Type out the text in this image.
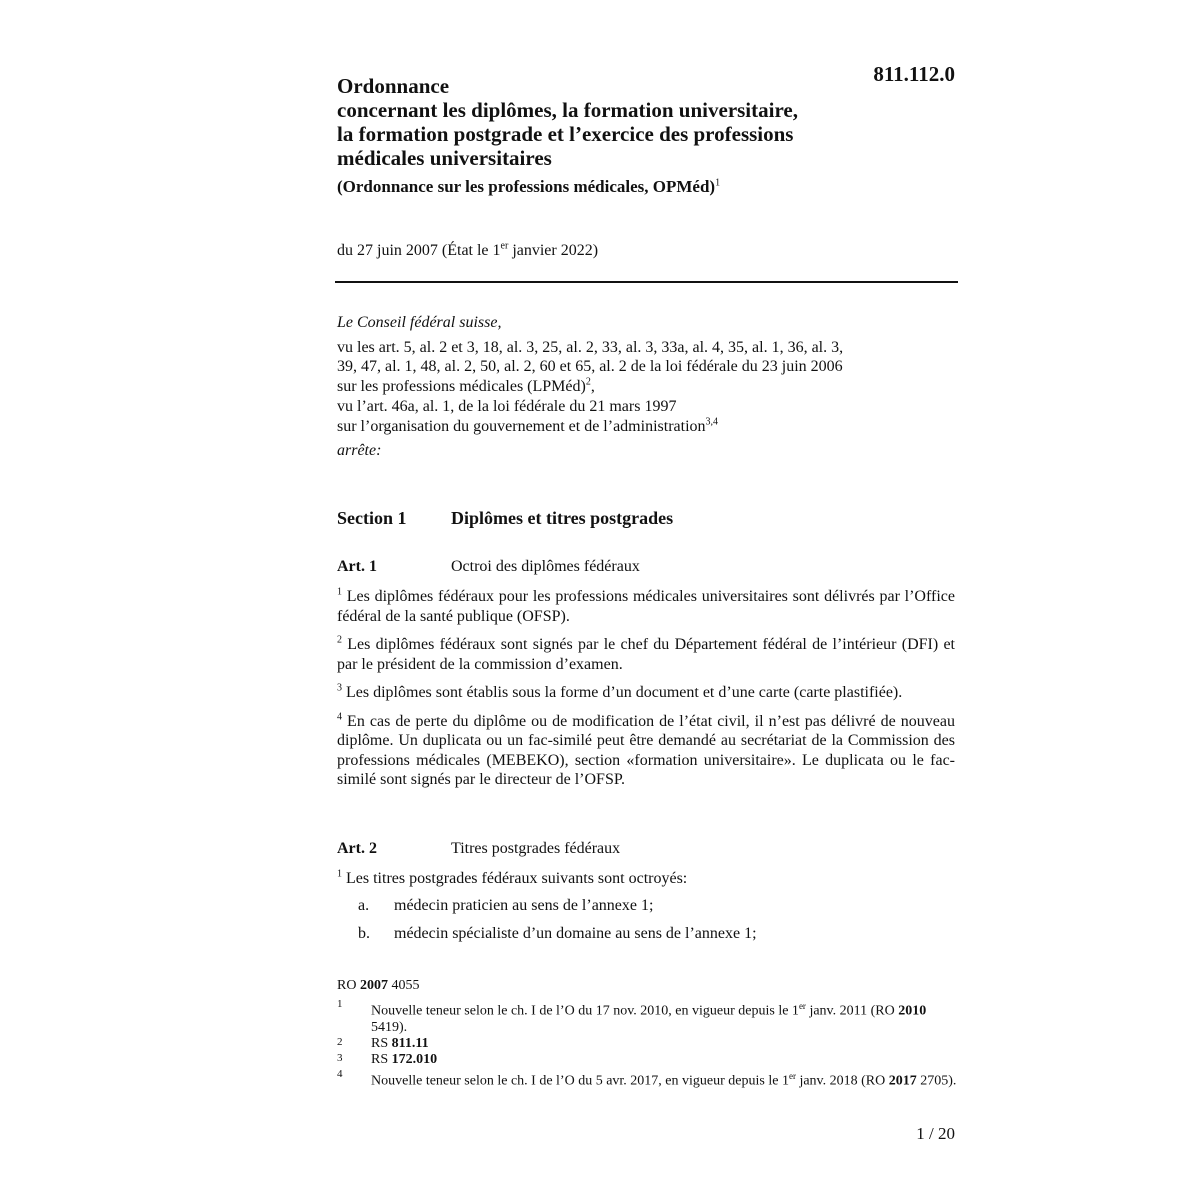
811.112.0
Ordonnance
concernant les diplômes, la formation universitaire,
la formation postgrade et l’exercice des professions
médicales universitaires
(Ordonnance sur les professions médicales, OPMéd)$^1$
du 27 juin 2007 (État le 1er janvier 2022)
Le Conseil fédéral suisse,
vu les art. 5, al. 2 et 3, 18, al. 3, 25, al. 2, 33, al. 3, 33a, al. 4, 35, al. 1, 36, al. 3,
39, 47, al. 1, 48, al. 2, 50, al. 2, 60 et 65, al. 2 de la loi fédérale du 23 juin 2006
sur les professions médicales (LPMéd)$^2$,
vu l’art. 46a, al. 1, de la loi fédérale du 21 mars 1997
sur l’organisation du gouvernement et de l’administration$^{3,4}$
arrête:
Section 1 Diplômes et titres postgrades
Art. 1	Octroi des diplômes fédéraux
$^1$ Les diplômes fédéraux pour les professions médicales universitaires sont délivrés par l’Office fédéral de la santé publique (OFSP).
$^2$ Les diplômes fédéraux sont signés par le chef du Département fédéral de l’intérieur (DFI) et par le président de la commission d’examen.
$^3$ Les diplômes sont établis sous la forme d’un document et d’une carte (carte plastifiée).
$^4$ En cas de perte du diplôme ou de modification de l’état civil, il n’est pas délivré de nouveau diplôme. Un duplicata ou un fac-similé peut être demandé au secrétariat de la Commission des professions médicales (MEBEKO), section «formation universitaire». Le duplicata ou le fac-similé sont signés par le directeur de l’OFSP.
Art. 2	Titres postgrades fédéraux
$^1$ Les titres postgrades fédéraux suivants sont octroyés:
a. médecin praticien au sens de l’annexe 1;
b. médecin spécialiste d’un domaine au sens de l’annexe 1;
RO 2007 4055
1	Nouvelle teneur selon le ch. I de l’O du 17 nov. 2010, en vigueur depuis le 1er janv. 2011 (RO 2010 5419).
2	RS 811.11
3	RS 172.010
4	Nouvelle teneur selon le ch. I de l’O du 5 avr. 2017, en vigueur depuis le 1er janv. 2018 (RO 2017 2705).
1 / 20
